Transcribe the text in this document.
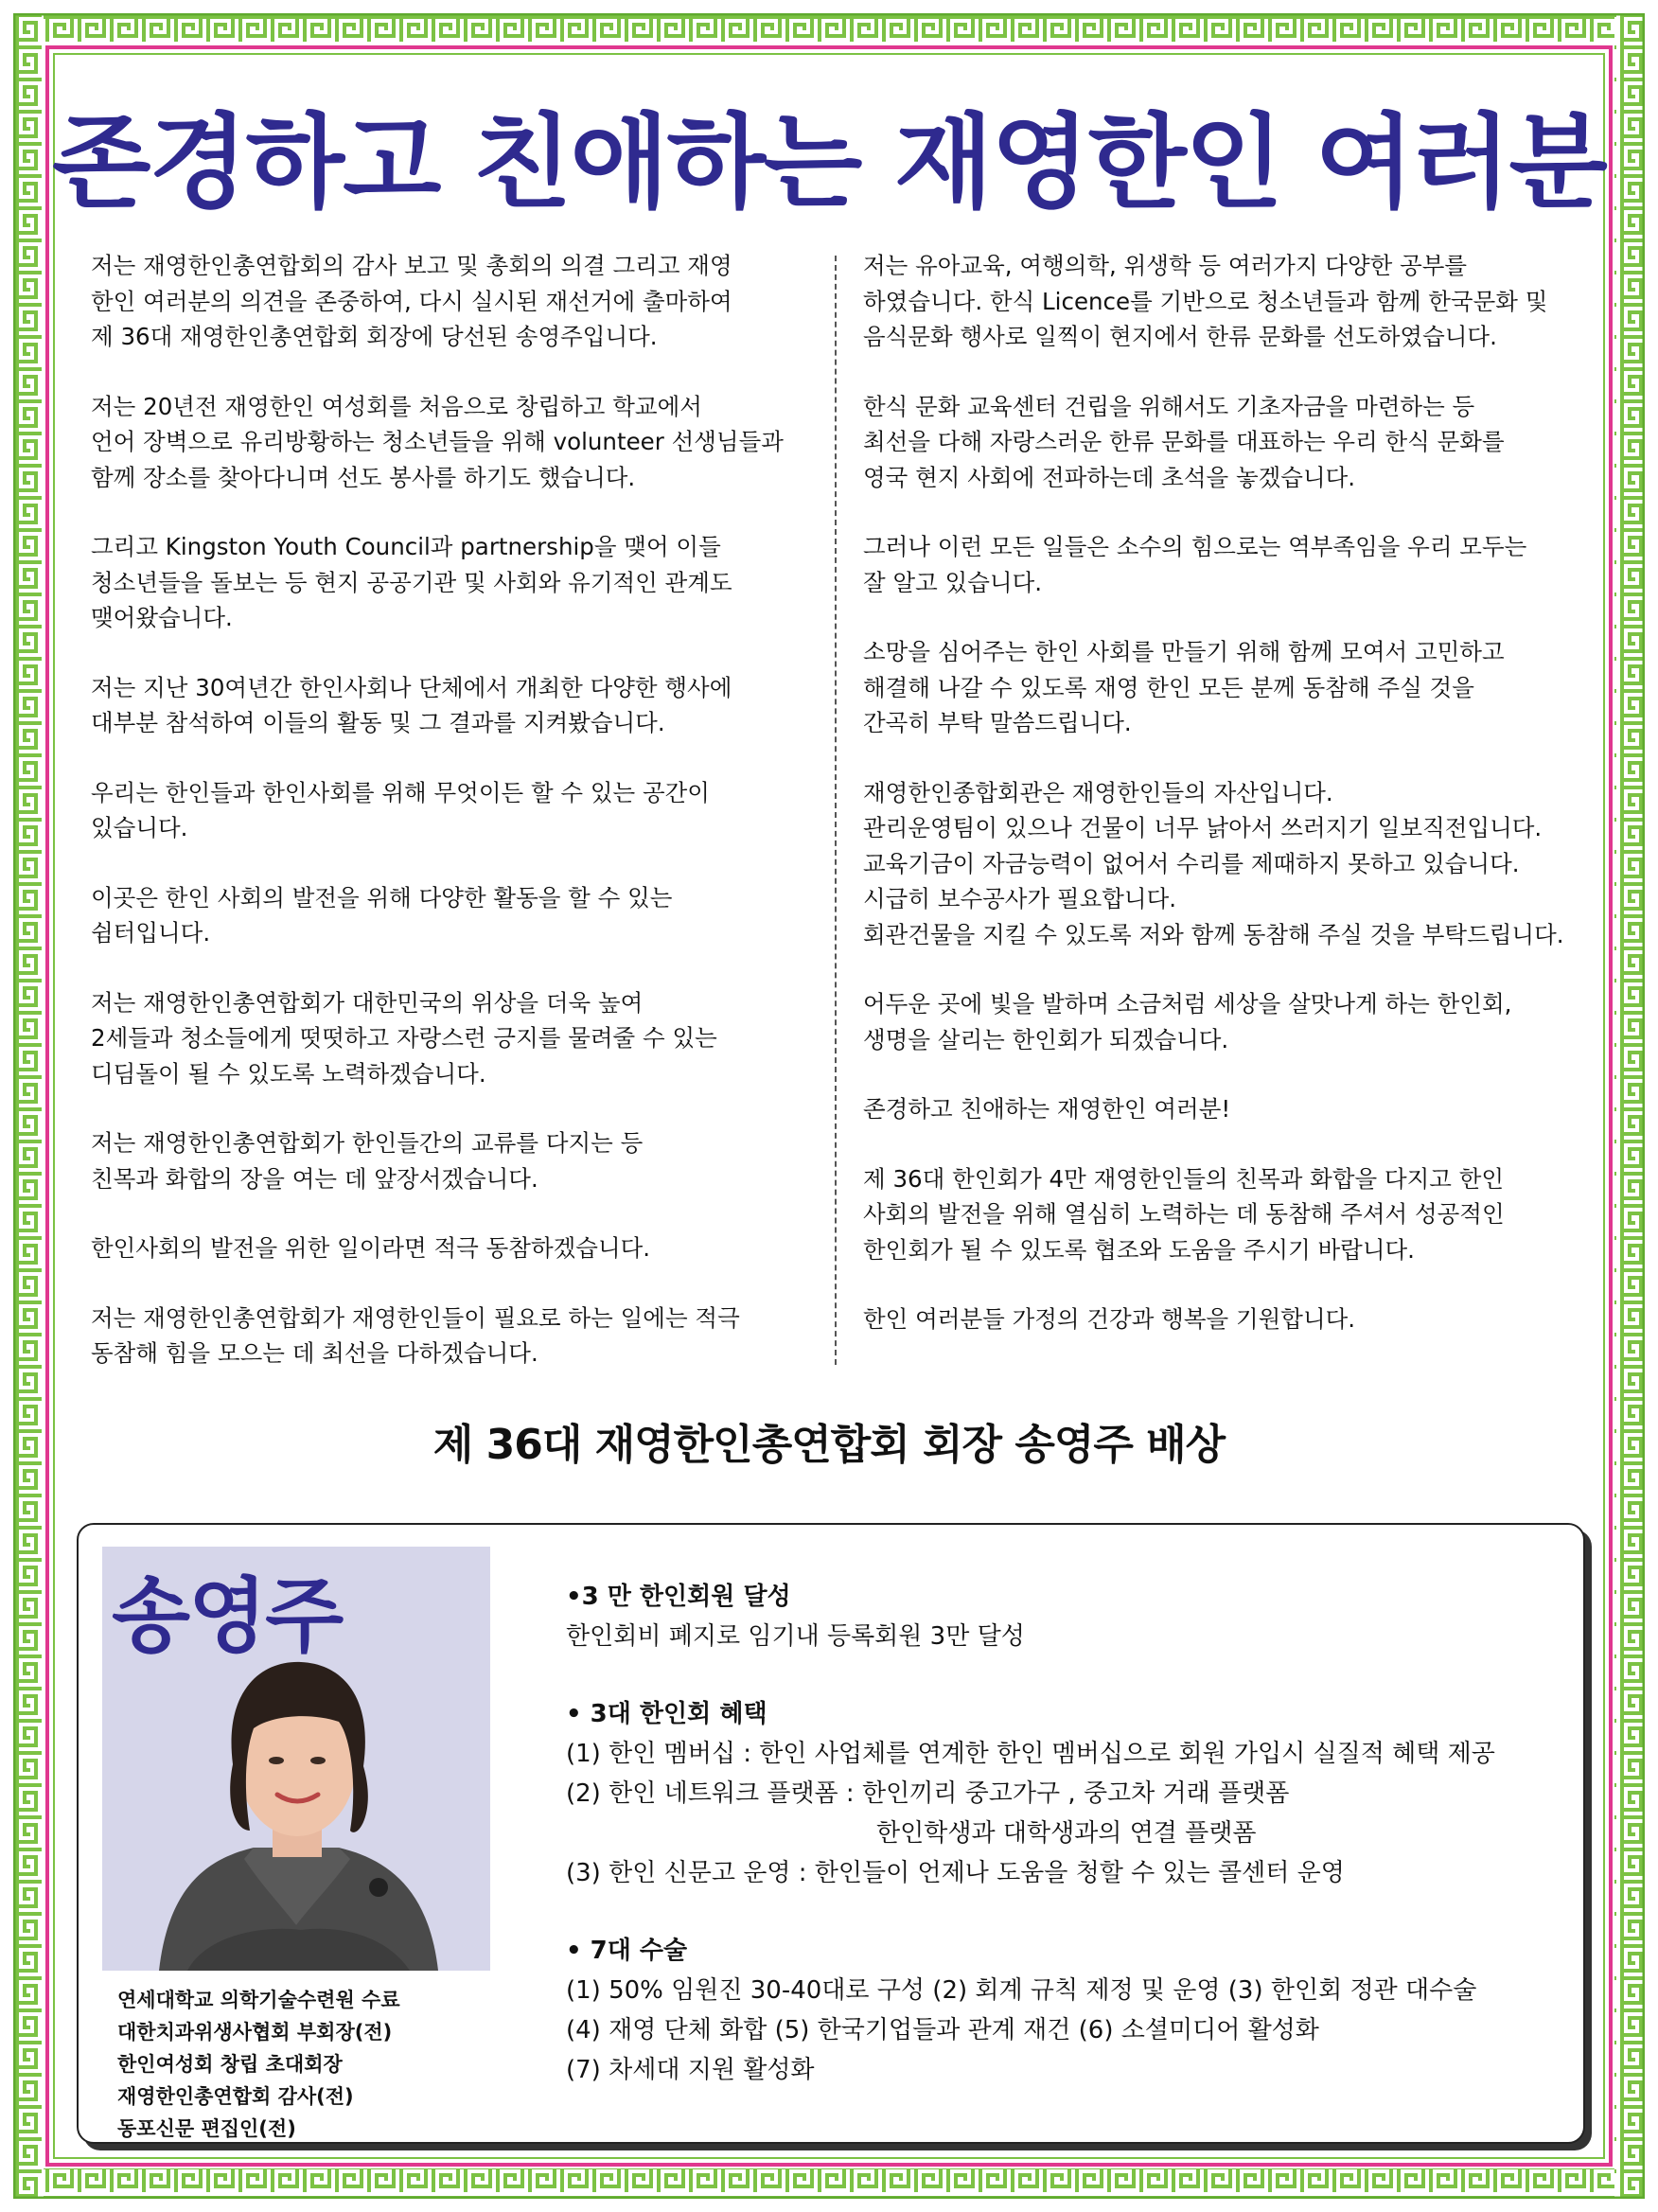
존경하고 친애하는 재영한인 여러분

저는 재영한인총연합회의 감사 보고 및 총회의 의결 그리고 재영
한인 여러분의 의견을 존중하여, 다시 실시된 재선거에 출마하여
제 36대 재영한인총연합회 회장에 당선된 송영주입니다.

저는 20년전 재영한인 여성회를 처음으로 창립하고 학교에서
언어 장벽으로 유리방황하는 청소년들을 위해 volunteer 선생님들과
함께 장소를 찾아다니며 선도 봉사를 하기도 했습니다.

그리고 Kingston Youth Council과 partnership을 맺어 이들
청소년들을 돌보는 등 현지 공공기관 및 사회와 유기적인 관계도
맺어왔습니다.

저는 지난 30여년간 한인사회나 단체에서 개최한 다양한 행사에
대부분 참석하여 이들의 활동 및 그 결과를 지켜봤습니다.

우리는 한인들과 한인사회를 위해 무엇이든 할 수 있는 공간이
있습니다.

이곳은 한인 사회의 발전을 위해 다양한 활동을 할 수 있는
쉼터입니다.

저는 재영한인총연합회가 대한민국의 위상을 더욱 높여
2세들과 청소들에게 떳떳하고 자랑스런 긍지를 물려줄 수 있는
디딤돌이 될 수 있도록 노력하겠습니다.

저는 재영한인총연합회가 한인들간의 교류를 다지는 등
친목과 화합의 장을 여는 데 앞장서겠습니다.

한인사회의 발전을 위한 일이라면 적극 동참하겠습니다.

저는 재영한인총연합회가 재영한인들이 필요로 하는 일에는 적극
동참해 힘을 모으는 데 최선을 다하겠습니다.

저는 유아교육, 여행의학, 위생학 등 여러가지 다양한 공부를
하였습니다. 한식 Licence를 기반으로 청소년들과 함께 한국문화 및
음식문화 행사로 일찍이 현지에서 한류 문화를 선도하였습니다.

한식 문화 교육센터 건립을 위해서도 기초자금을 마련하는 등
최선을 다해 자랑스러운 한류 문화를 대표하는 우리 한식 문화를
영국 현지 사회에 전파하는데 초석을 놓겠습니다.

그러나 이런 모든 일들은 소수의 힘으로는 역부족임을 우리 모두는
잘 알고 있습니다.

소망을 심어주는 한인 사회를 만들기 위해 함께 모여서 고민하고
해결해 나갈 수 있도록 재영 한인 모든 분께 동참해 주실 것을
간곡히 부탁 말씀드립니다.

재영한인종합회관은 재영한인들의 자산입니다.
관리운영팀이 있으나 건물이 너무 낡아서 쓰러지기 일보직전입니다.
교육기금이 자금능력이 없어서 수리를 제때하지 못하고 있습니다.
시급히 보수공사가 필요합니다.
회관건물을 지킬 수 있도록 저와 함께 동참해 주실 것을 부탁드립니다.

어두운 곳에 빛을 발하며 소금처럼 세상을 살맛나게 하는 한인회,
생명을 살리는 한인회가 되겠습니다.

존경하고 친애하는 재영한인 여러분!

제 36대 한인회가 4만 재영한인들의 친목과 화합을 다지고 한인
사회의 발전을 위해 열심히 노력하는 데 동참해 주셔서 성공적인
한인회가 될 수 있도록 협조와 도움을 주시기 바랍니다.

한인 여러분들 가정의 건강과 행복을 기원합니다.

제 36대 재영한인총연합회 회장 송영주 배상
송영주
연세대학교 의학기술수련원 수료
대한치과위생사협회 부회장(전)
한인여성회 창립 초대회장
재영한인총연합회 감사(전)
동포신문 편집인(전)
•3 만 한인회원 달성
한인회비 폐지로 임기내 등록회원 3만 달성
• 3대 한인회 혜택
(1) 한인 멤버십 : 한인 사업체를 연계한 한인 멤버십으로 회원 가입시 실질적 혜택 제공
(2) 한인 네트워크 플랫폼 : 한인끼리 중고가구 , 중고차 거래 플랫폼
한인학생과 대학생과의 연결 플랫폼
(3) 한인 신문고 운영 : 한인들이 언제나 도움을 청할 수 있는 콜센터 운영
• 7대 수술
(1) 50% 임원진 30-40대로 구성 (2) 회계 규칙 제정 및 운영 (3) 한인회 정관 대수술
(4) 재영 단체 화합 (5) 한국기업들과 관계 재건 (6) 소셜미디어 활성화
(7) 차세대 지원 활성화
